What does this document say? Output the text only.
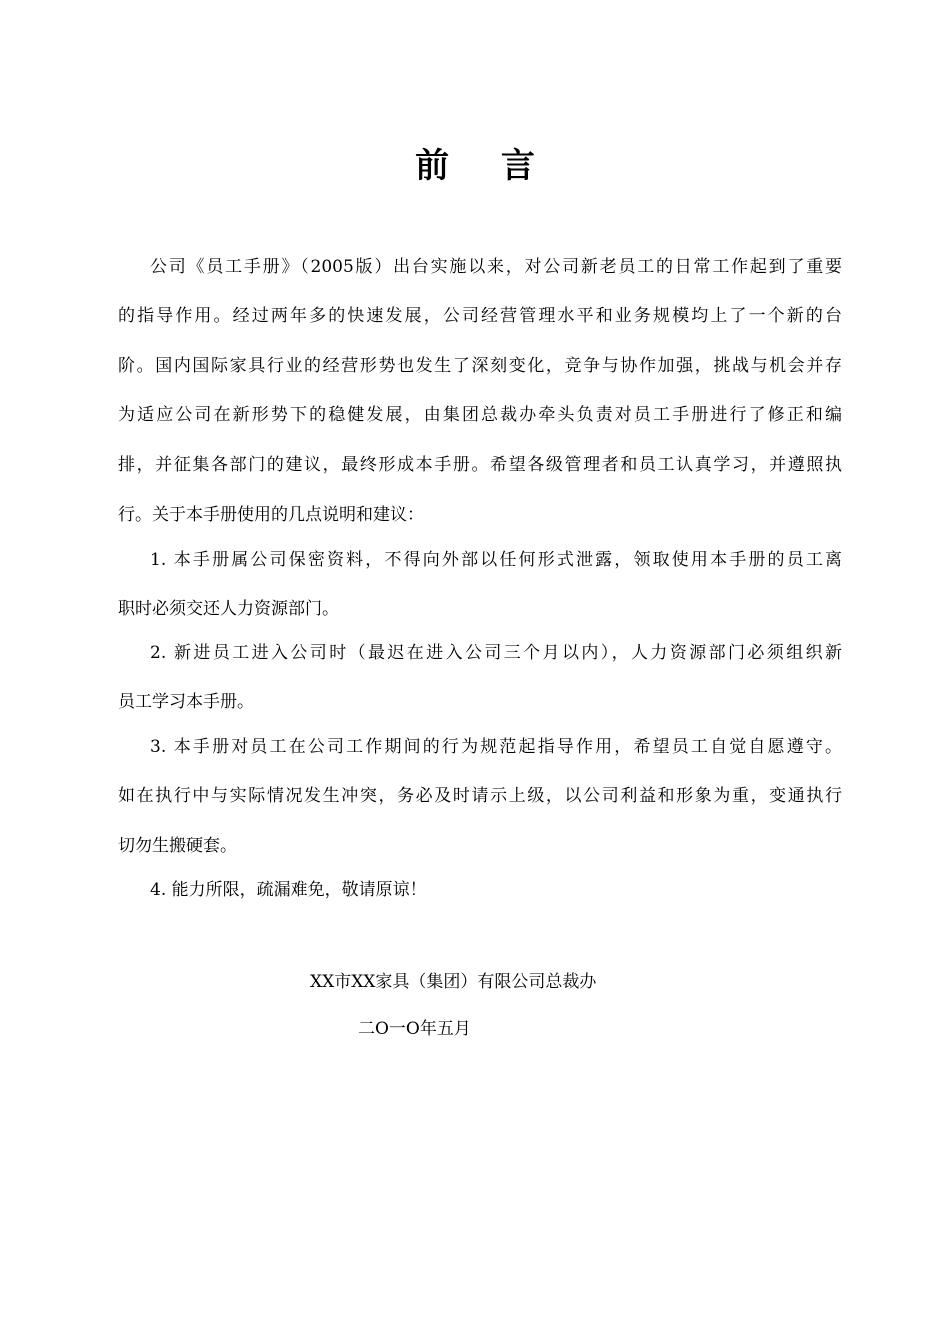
前 言
公司《员工手册》（2005版）出台实施以来，对公司新老员工的日常工作起到了重要
的指导作用。经过两年多的快速发展，公司经营管理水平和业务规模均上了一个新的台
阶。国内国际家具行业的经营形势也发生了深刻变化，竞争与协作加强，挑战与机会并存
为适应公司在新形势下的稳健发展，由集团总裁办牵头负责对员工手册进行了修正和编
排，并征集各部门的建议，最终形成本手册。希望各级管理者和员工认真学习，并遵照执
行。关于本手册使用的几点说明和建议：
1. 本手册属公司保密资料，不得向外部以任何形式泄露，领取使用本手册的员工离
职时必须交还人力资源部门。
2. 新进员工进入公司时（最迟在进入公司三个月以内），人力资源部门必须组织新
员工学习本手册。
3. 本手册对员工在公司工作期间的行为规范起指导作用，希望员工自觉自愿遵守。
如在执行中与实际情况发生冲突，务必及时请示上级，以公司利益和形象为重，变通执行
切勿生搬硬套。
4. 能力所限，疏漏难免，敬请原谅！
XX市XX家具（集团）有限公司总裁办
二O一O年五月
